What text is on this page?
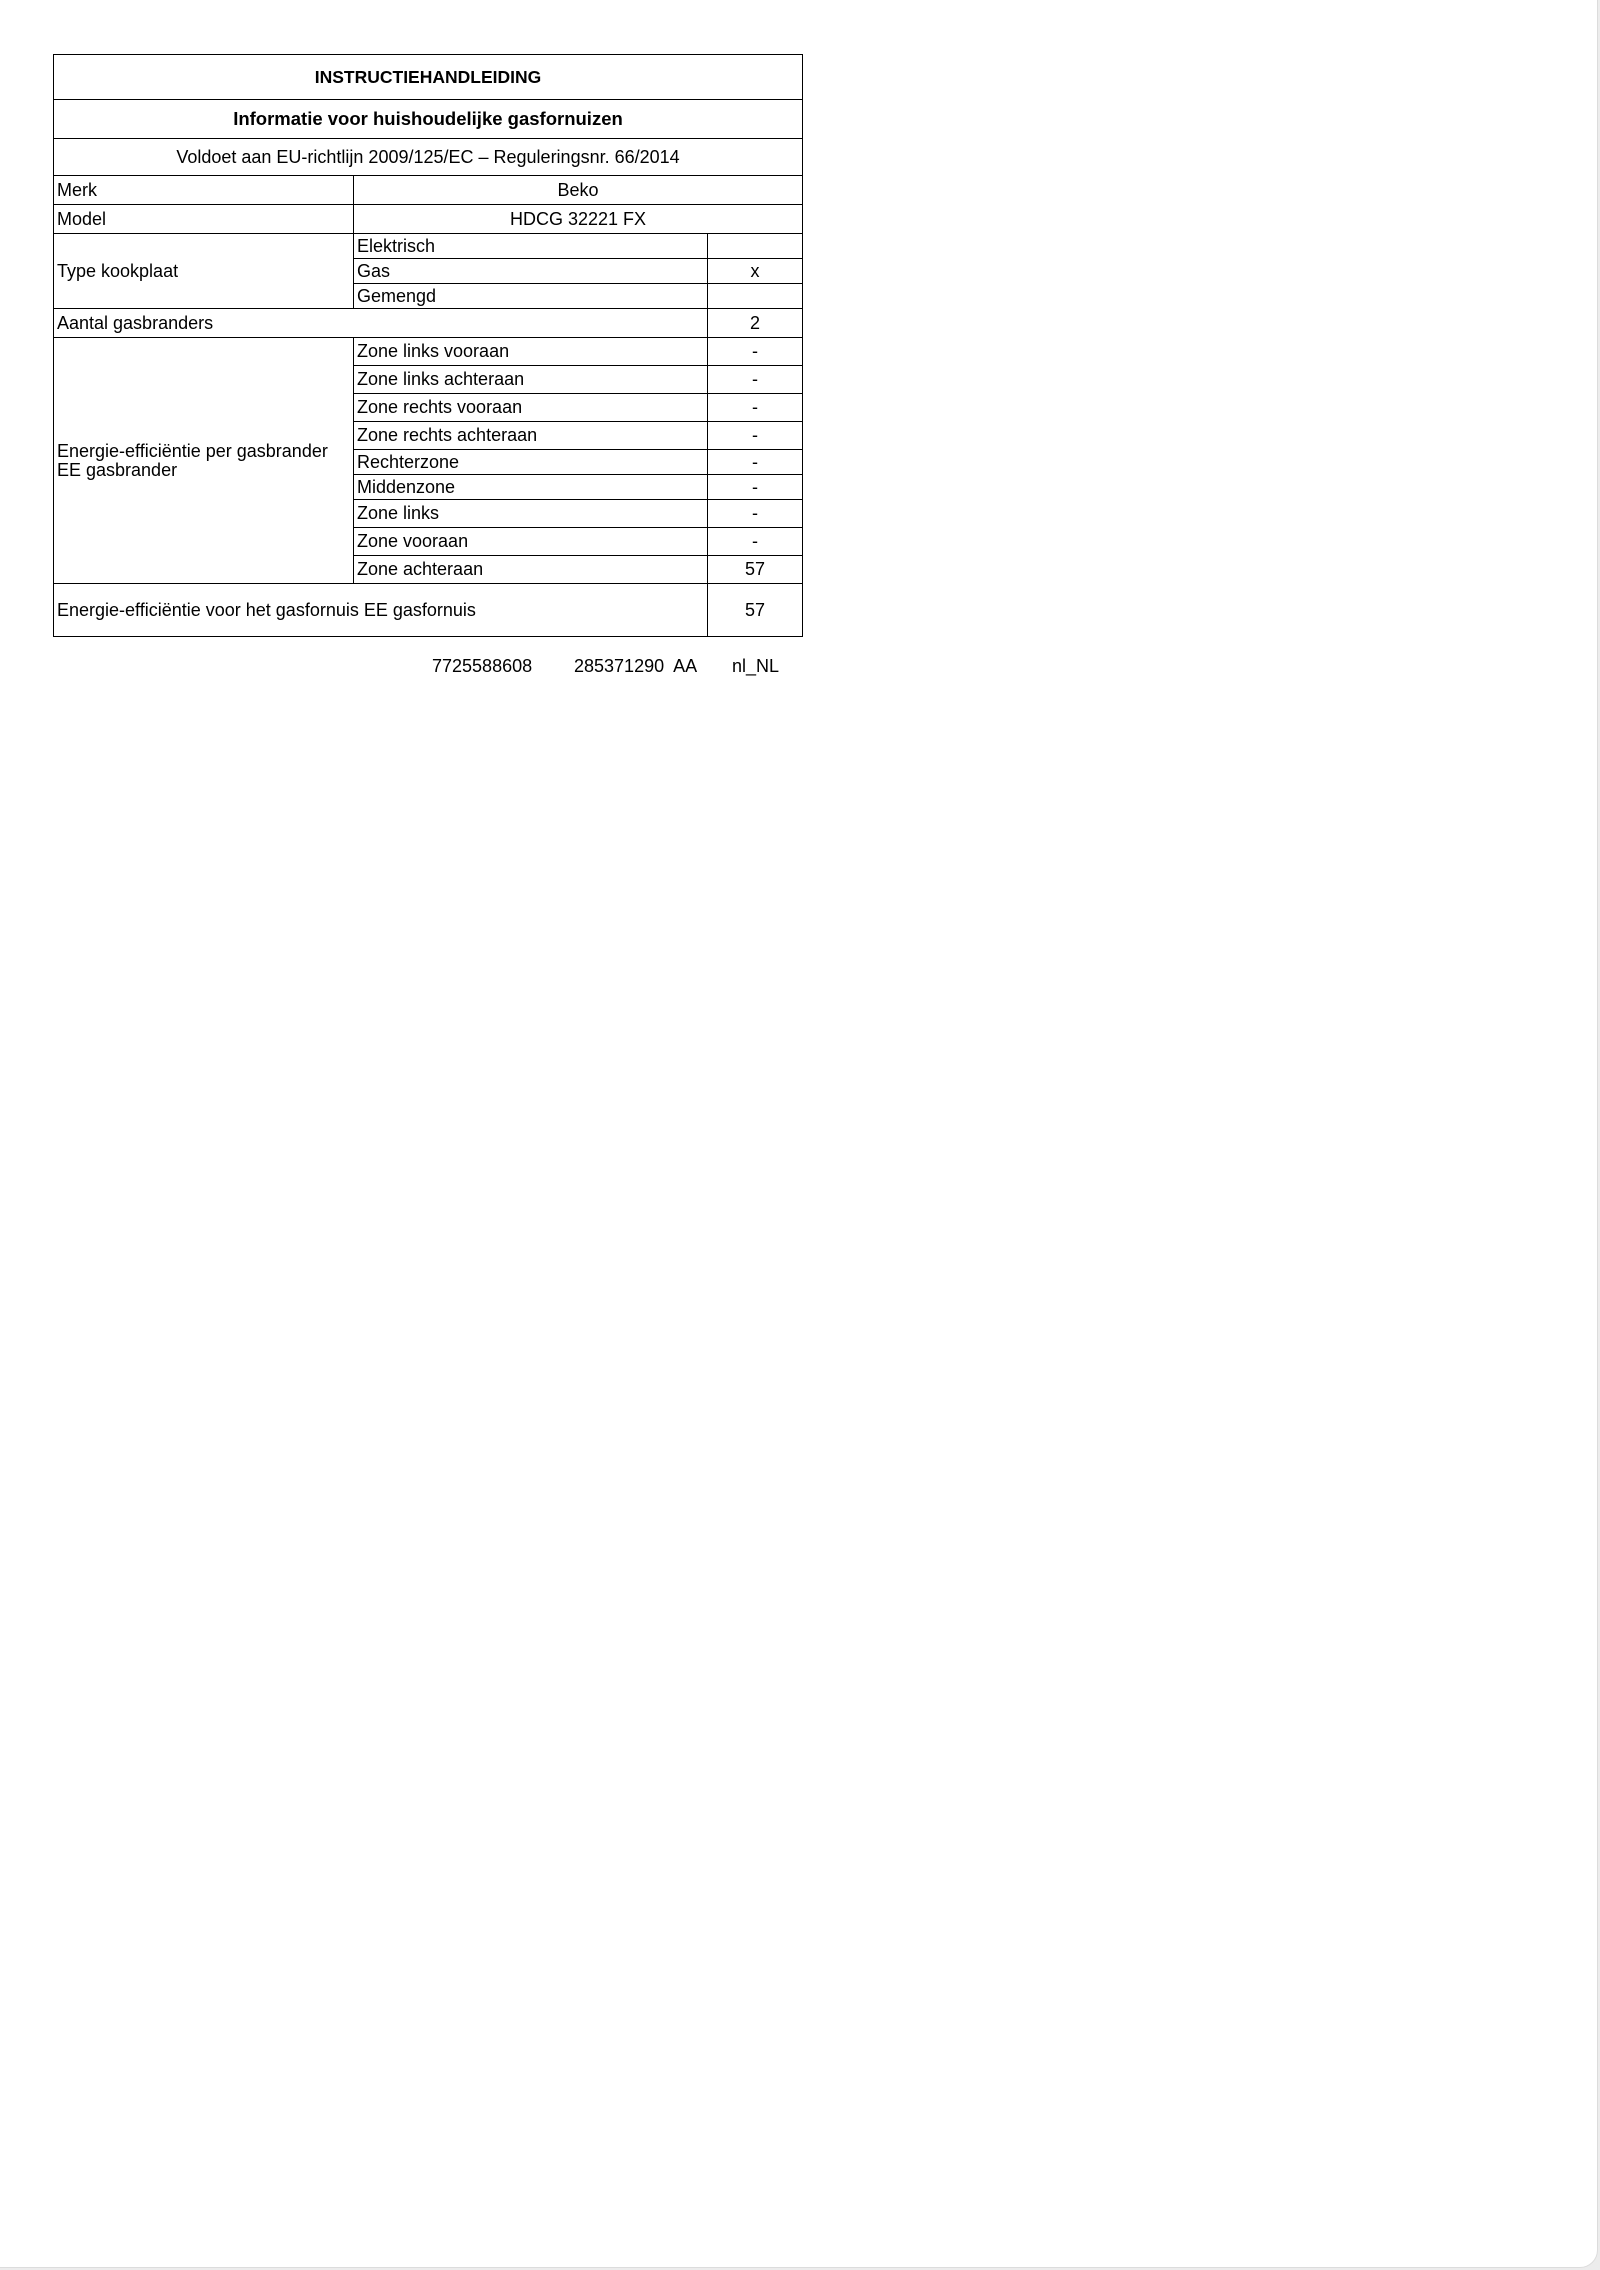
INSTRUCTIEHANDLEIDING		
Informatie voor huishoudelijke gasfornuizen		
Voldoet aan EU-richtlijn 2009/125/EC – Reguleringsnr. 66/2014		
Merk	Beko	
Model	HDCG 32221 FX	
Type kookplaat	Elektrisch	
	Gas	x
	Gemengd	
Aantal gasbranders		2

Energie-efficiëntie per gasbrander
EE gasbrander	Zone links vooraan	-
	Zone links achteraan	-
	Zone rechts vooraan	-
	Zone rechts achteraan	-
	Rechterzone	-
	Middenzone	-
	Zone links	-
	Zone vooraan	-
	Zone achteraan	57
Energie-efficiëntie voor het gasfornuis EE gasfornuis		57
7725588608 285371290  AA nl_NL
